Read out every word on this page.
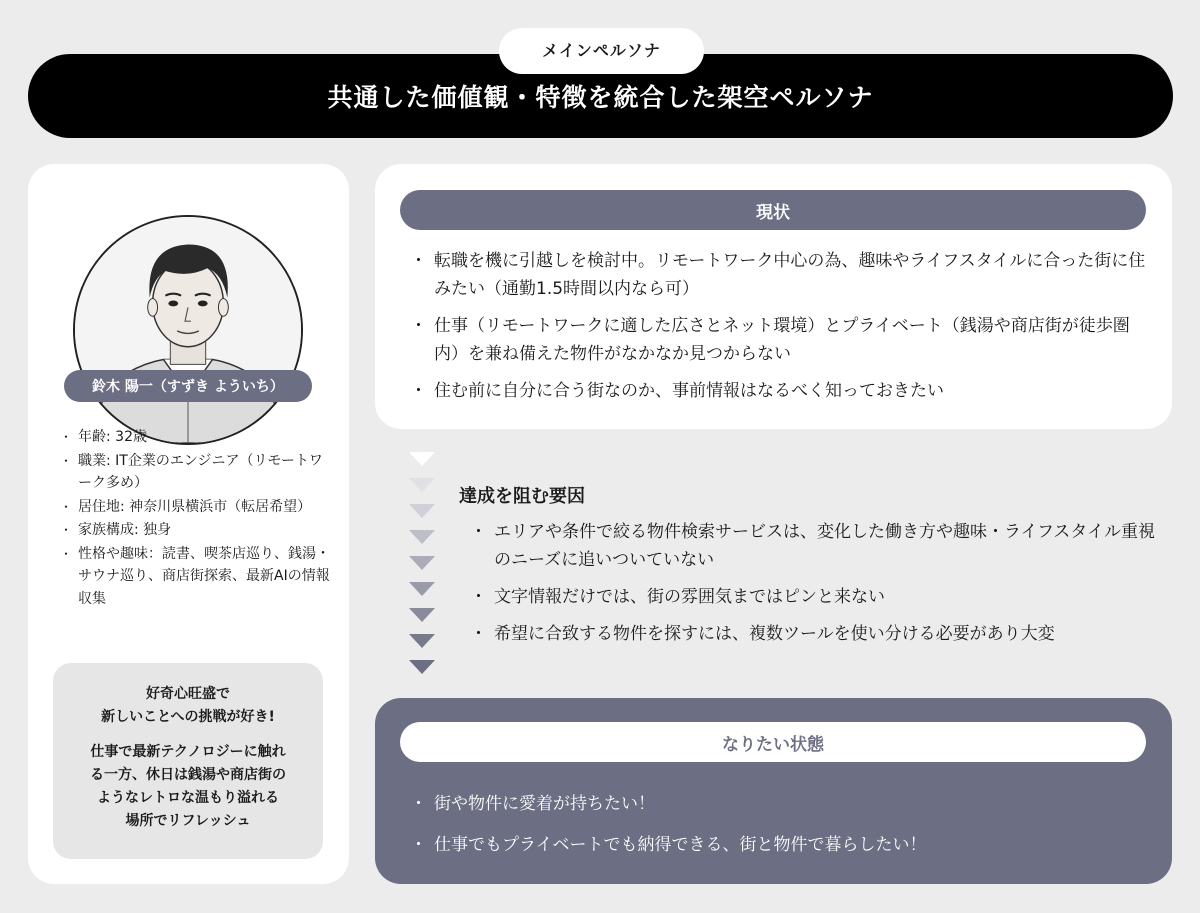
共通した価値観・特徴を統合した架空ペルソナ
メインペルソナ
鈴木 陽一（すずき よういち）
・ 年齢: 32歳
・ 職業: IT企業のエンジニア（リモートワーク多め）
・ 居住地: 神奈川県横浜市（転居希望）
・ 家族構成: 独身
・ 性格や趣味：読書、喫茶店巡り、銭湯・サウナ巡り、商店街探索、最新AIの情報収集
好奇心旺盛で
新しいことへの挑戦が好き!
仕事で最新テクノロジーに触れ
る一方、休日は銭湯や商店街の
ようなレトロな温もり溢れる
場所でリフレッシュ
現状
・ 転職を機に引越しを検討中。リモートワーク中心の為、趣味やライフスタイルに合った街に住みたい（通勤1.5時間以内なら可）
・ 仕事（リモートワークに適した広さとネット環境）とプライベート（銭湯や商店街が徒歩圏内）を兼ね備えた物件がなかなか見つからない
・ 住む前に自分に合う街なのか、事前情報はなるべく知っておきたい
達成を阻む要因
・ エリアや条件で絞る物件検索サービスは、変化した働き方や趣味・ライフスタイル重視のニーズに追いついていない
・ 文字情報だけでは、街の雰囲気まではピンと来ない
・ 希望に合致する物件を探すには、複数ツールを使い分ける必要があり大変
なりたい状態
・ 街や物件に愛着が持ちたい！
・ 仕事でもプライベートでも納得できる、街と物件で暮らしたい！
